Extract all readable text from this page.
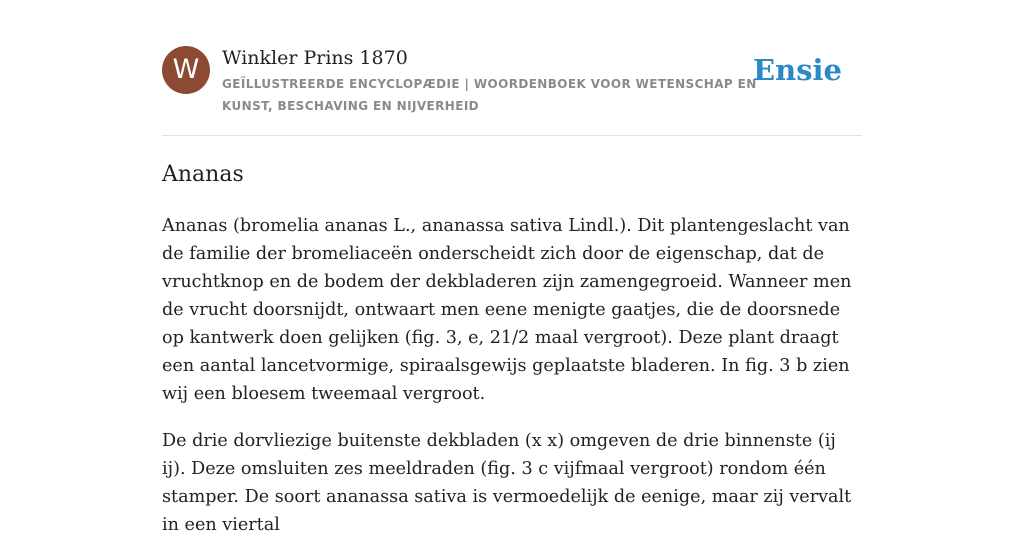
W	Winkler Prins 1870
GEÏLLUSTREERDE ENCYCLOPÆDIE | WOORDENBOEK VOOR WETENSCHAP EN KUNST, BESCHAVING EN NIJVERHEID
Ensie
Ananas

Ananas (bromelia ananas L., ananassa sativa Lindl.). Dit plantengeslacht van de familie der bromeliaceën onderscheidt zich door de eigenschap, dat de vruchtknop en de bodem der dekbladeren zijn zamengegroeid. Wanneer men de vrucht doorsnijdt, ontwaart men eene menigte gaatjes, die de doorsnede op kantwerk doen gelijken (fig. 3, e, 21/2 maal vergroot). Deze plant draagt een aantal lancetvormige, spiraalsgewijs geplaatste bladeren. In fig. 3 b zien wij een bloesem tweemaal vergroot.

De drie dorvliezige buitenste dekbladen (x x) omgeven de drie binnenste (ij ij). Deze omsluiten zes meeldraden (fig. 3 c vijfmaal vergroot) rondom één stamper. De soort ananassa sativa is vermoedelijk de eenige, maar zij vervalt in een viertal
